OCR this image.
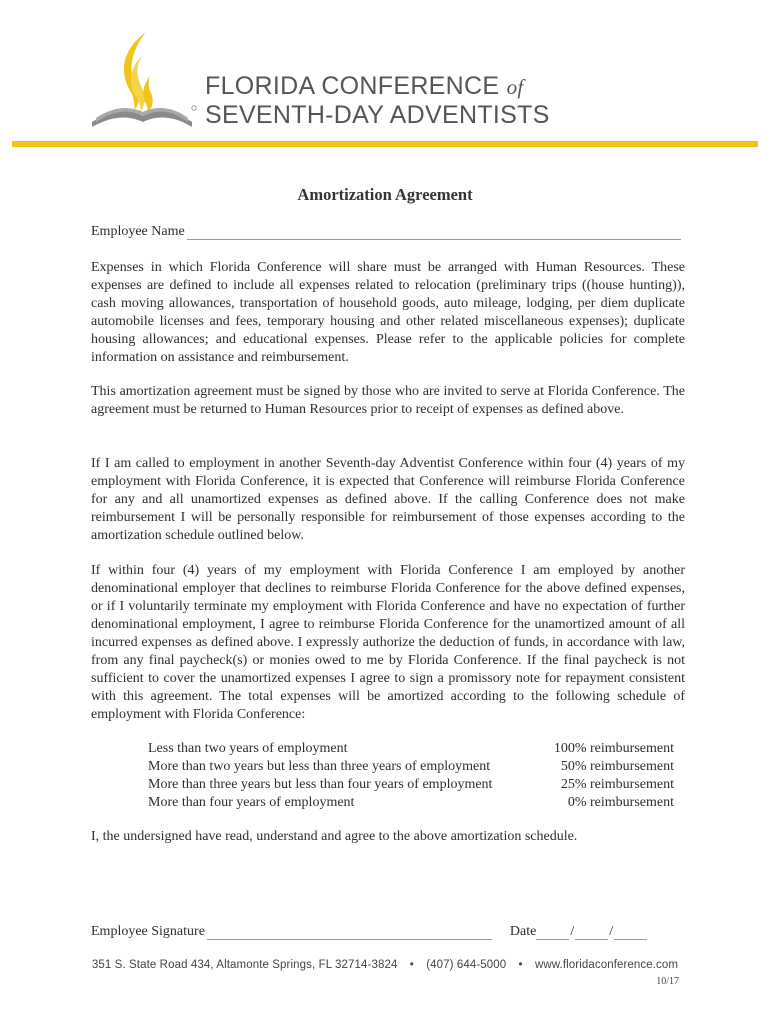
FLORIDA CONFERENCE of
SEVENTH-DAY ADVENTISTS
Amortization Agreement
Employee Name

Expenses in which Florida Conference will share must be arranged with Human Resources. These expenses are defined to include all expenses related to relocation (preliminary trips ((house hunting)), cash moving allowances, transportation of household goods, auto mileage, lodging, per diem duplicate automobile licenses and fees, temporary housing and other related miscellaneous expenses); duplicate housing allowances; and educational expenses. Please refer to the applicable policies for complete information on assistance and reimbursement.

This amortization agreement must be signed by those who are invited to serve at Florida Conference. The agreement must be returned to Human Resources prior to receipt of expenses as defined above.

If I am called to employment in another Seventh-day Adventist Conference within four (4) years of my employment with Florida Conference, it is expected that Conference will reimburse Florida Conference for any and all unamortized expenses as defined above. If the calling Conference does not make reimbursement I will be personally responsible for reimbursement of those expenses according to the amortization schedule outlined below.

If within four (4) years of my employment with Florida Conference I am employed by another denominational employer that declines to reimburse Florida Conference for the above defined expenses, or if I voluntarily terminate my employment with Florida Conference and have no expectation of further denominational employment, I agree to reimburse Florida Conference for the unamortized amount of all incurred expenses as defined above. I expressly authorize the deduction of funds, in accordance with law, from any final paycheck(s) or monies owed to me by Florida Conference. If the final paycheck is not sufficient to cover the unamortized expenses I agree to sign a promissory note for repayment consistent with this agreement. The total expenses will be amortized according to the following schedule of employment with Florida Conference:

Less than two years of employment	100% reimbursement
More than two years but less than three years of employment	50% reimbursement
More than three years but less than four years of employment	25% reimbursement
More than four years of employment	0% reimbursement
I, the undersigned have read, understand and agree to the above amortization schedule.
Employee Signature	Date /	/
351 S. State Road 434, Altamonte Springs, FL 32714-3824 • (407) 644-5000 • www.floridaconference.com
10/17
